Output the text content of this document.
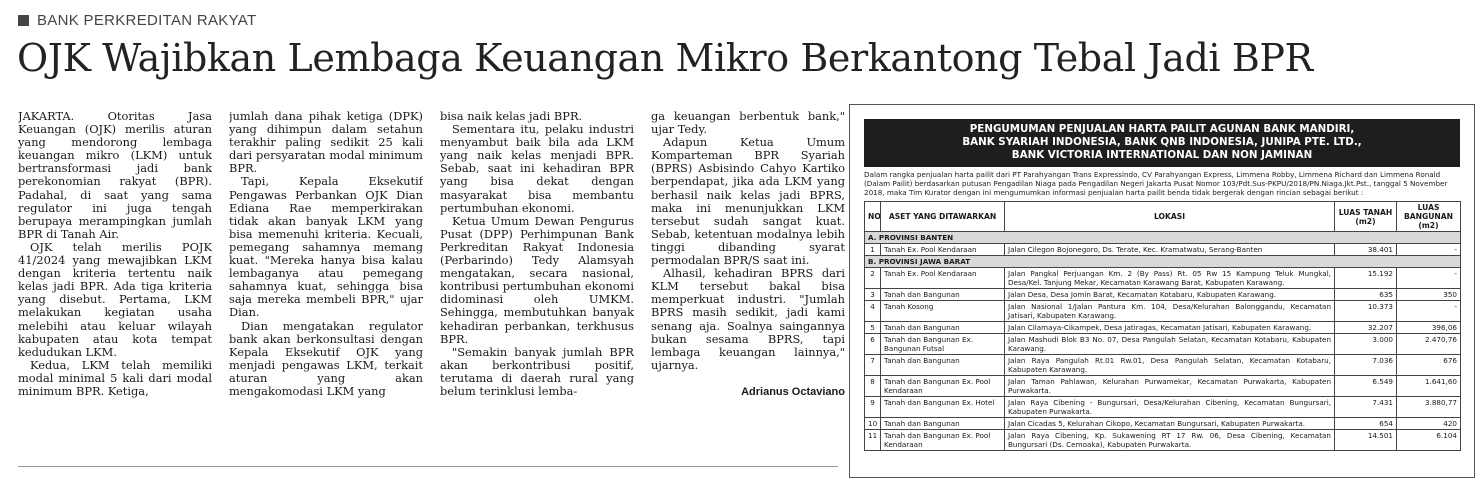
BANK PERKREDITAN RAKYAT
OJK Wajibkan Lembaga Keuangan Mikro Berkantong Tebal Jadi BPR

JAKARTA. Otoritas Jasa Keuangan (OJK) merilis aturan yang mendorong lembaga keuangan mikro (LKM) untuk bertransformasi jadi bank perekonomian rakyat (BPR). Padahal, di saat yang sama regulator ini juga tengah berupaya merampingkan jumlah BPR di Tanah Air.

OJK telah merilis POJK 41/2024 yang mewajibkan LKM dengan kriteria tertentu naik kelas jadi BPR. Ada tiga kriteria yang disebut. Pertama, LKM melakukan kegiatan usaha melebihi atau keluar wilayah kabupaten atau kota tempat kedudukan LKM.

Kedua, LKM telah memiliki modal minimal 5 kali dari modal minimum BPR. Ketiga,

jumlah dana pihak ketiga (DPK) yang dihimpun dalam setahun terakhir paling sedikit 25 kali dari persyaratan modal minimum BPR.

Tapi, Kepala Eksekutif Pengawas Perbankan OJK Dian Ediana Rae memperkirakan tidak akan banyak LKM yang bisa memenuhi kriteria. Kecuali, pemegang sahamnya memang kuat. "Mereka hanya bisa kalau lembaganya atau pemegang sahamnya kuat, sehingga bisa saja mereka membeli BPR," ujar Dian.

Dian mengatakan regulator bank akan berkonsultasi dengan Kepala Eksekutif OJK yang menjadi pengawas LKM, terkait aturan yang akan mengakomodasi LKM yang

bisa naik kelas jadi BPR.

Sementara itu, pelaku industri menyambut baik bila ada LKM yang naik kelas menjadi BPR. Sebab, saat ini kehadiran BPR yang bisa dekat dengan masyarakat bisa membantu pertumbuhan ekonomi.

Ketua Umum Dewan Pengurus Pusat (DPP) Perhimpunan Bank Perkreditan Rakyat Indonesia (Perbarindo) Tedy Alamsyah mengatakan, secara nasional, kontribusi pertumbuhan ekonomi didominasi oleh UMKM. Sehingga, membutuhkan banyak kehadiran perbankan, terkhusus BPR.

"Semakin banyak jumlah BPR akan berkontribusi positif, terutama di daerah rural yang belum terinklusi lemba-

ga keuangan berbentuk bank," ujar Tedy.

Adapun Ketua Umum Komparteman BPR Syariah (BPRS) Asbisindo Cahyo Kartiko berpendapat, jika ada LKM yang berhasil naik kelas jadi BPRS, maka ini menunjukkan LKM tersebut sudah sangat kuat. Sebab, ketentuan modalnya lebih tinggi dibanding syarat permodalan BPR/S saat ini.

Alhasil, kehadiran BPRS dari KLM tersebut bakal bisa memperkuat industri. "Jumlah BPRS masih sedikit, jadi kami senang aja. Soalnya saingannya bukan sesama BPRS, tapi lembaga keuangan lainnya," ujarnya.

Adrianus Octaviano
PENGUMUMAN PENJUALAN HARTA PAILIT AGUNAN BANK MANDIRI,
BANK SYARIAH INDONESIA, BANK QNB INDONESIA, JUNIPA PTE. LTD.,
BANK VICTORIA INTERNATIONAL DAN NON JAMINAN
Dalam rangka penjualan harta pailit dari PT Parahyangan Trans Expressindo, CV Parahyangan Express, Limmena Robby, Limmena Richard dan Limmena Ronald (Dalam Pailit) berdasarkan putusan Pengadilan Niaga pada Pengadilan Negeri Jakarta Pusat Nomor 103/Pdt.Sus-PKPU/2018/PN.Niaga.Jkt.Pst., tanggal 5 November 2018, maka Tim Kurator dengan ini mengumumkan informasi penjualan harta pailit benda tidak bergerak dengan rincian sebagai berikut :
NO	ASET YANG DITAWARKAN	LOKASI	LUAS TANAH (m2)	LUAS BANGUNAN (m2)
A. PROVINSI BANTEN				
1	Tanah Ex. Pool Kendaraan	Jalan Cilegon Bojonegoro, Ds. Terate, Kec. Kramatwatu, Serang-Banten	38.401	-
B. PROVINSI JAWA BARAT				
2	Tanah Ex. Pool Kendaraan	Jalan Pangkal Perjuangan Km. 2 (By Pass) Rt. 05 Rw 15 Kampung Teluk Mungkal, Desa/Kel. Tanjung Mekar, Kecamatan Karawang Barat, Kabupaten Karawang.	15.192	-
3	Tanah dan Bangunan	Jalan Desa, Desa Jomin Barat, Kecamatan Kotabaru, Kabupaten Karawang.	635	350
4	Tanah Kosong	Jalan Nasional 1/Jalan Pantura Km. 104, Desa/Kelurahan Balonggandu, Kecamatan Jatisari, Kabupaten Karawang.	10.373	-
5	Tanah dan Bangunan	Jalan Cilamaya-Cikampek, Desa Jatiragas, Kecamatan Jatisari, Kabupaten Karawang.	32.207	396,06
6	Tanah dan Bangunan Ex. Bangunan Futsal	Jalan Mashudi Blok B3 No. 07, Desa Pangulah Selatan, Kecamatan Kotabaru, Kabupaten Karawang.	3.000	2.470,76
7	Tanah dan Bangunan	Jalan Raya Pangulah Rt.01 Rw.01, Desa Pangulah Selatan, Kecamatan Kotabaru, Kabupaten Karawang.	7.036	676
8	Tanah dan Bangunan Ex. Pool Kendaraan	Jalan Taman Pahlawan, Kelurahan Purwamekar, Kecamatan Purwakarta, Kabupaten Purwakarta.	6.549	1.641,60
9	Tanah dan Bangunan Ex. Hotel	Jalan Raya Cibening - Bungursari, Desa/Kelurahan Cibening, Kecamatan Bungursari, Kabupaten Purwakarta.	7.431	3.880,77
10	Tanah dan Bangunan	Jalan Cicadas 5, Kelurahan Cikopo, Kecamatan Bungursari, Kabupaten Purwakarta.	654	420
11	Tanah dan Bangunan Ex. Pool Kendaraan	Jalan Raya Cibening, Kp. Sukawening RT 17 Rw. 06, Desa Cibening, Kecamatan Bungursari (Ds. Cemoaka), Kabupaten Purwakarta.	14.501	6.104
